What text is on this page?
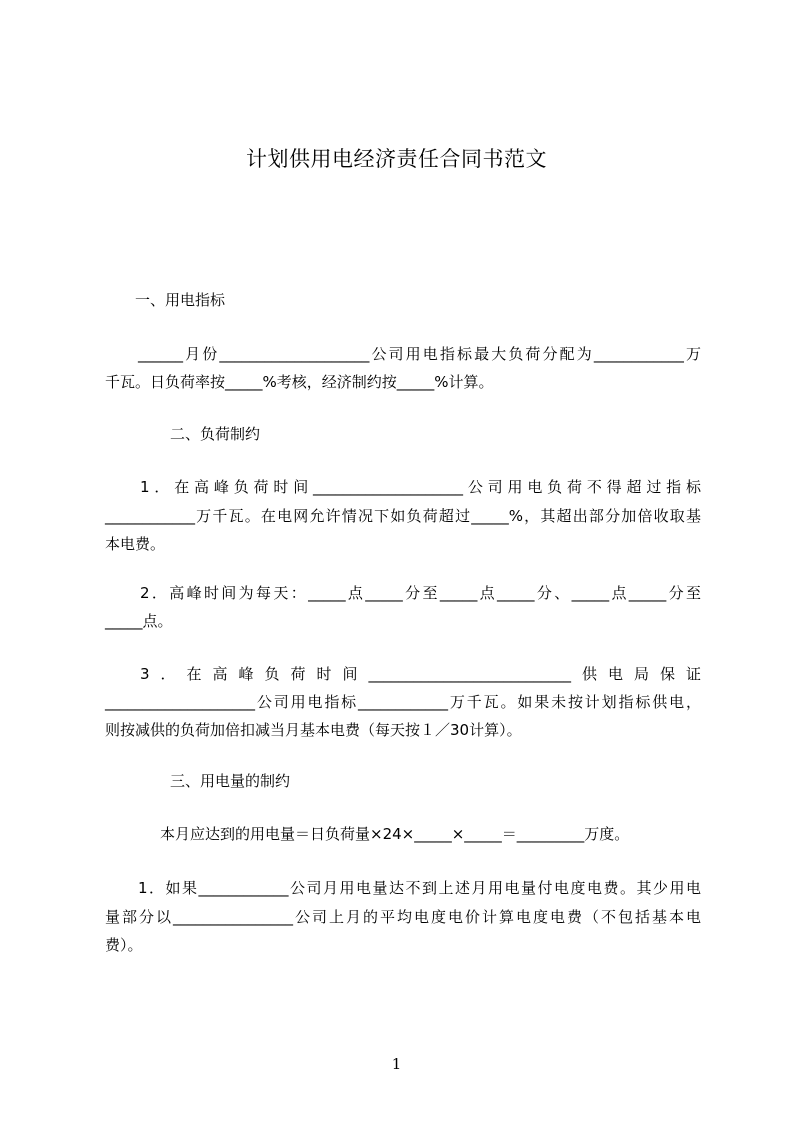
计划供用电经济责任合同书范文

一、用电指标

______月份____________________公司用电指标最大负荷分配为____________万

千瓦。日负荷率按_____%考核，经济制约按_____%计算。

二、负荷制约

1．在高峰负荷时间____________________公司用电负荷不得超过指标

____________万千瓦。在电网允许情况下如负荷超过_____%，其超出部分加倍收取基

本电费。

2．高峰时间为每天：_____点_____分至_____点_____分、_____点_____分至

_____点。

3．在高峰负荷时间___________________________供电局保证

____________________公司用电指标____________万千瓦。如果未按计划指标供电，

则按减供的负荷加倍扣减当月基本电费（每天按１／30计算）。

三、用电量的制约

本月应达到的用电量＝日负荷量×24×_____×_____＝_________万度。

1．如果____________公司月用电量达不到上述月用电量付电度电费。其少用电

量部分以________________公司上月的平均电度电价计算电度电费（不包括基本电

费）。

1
